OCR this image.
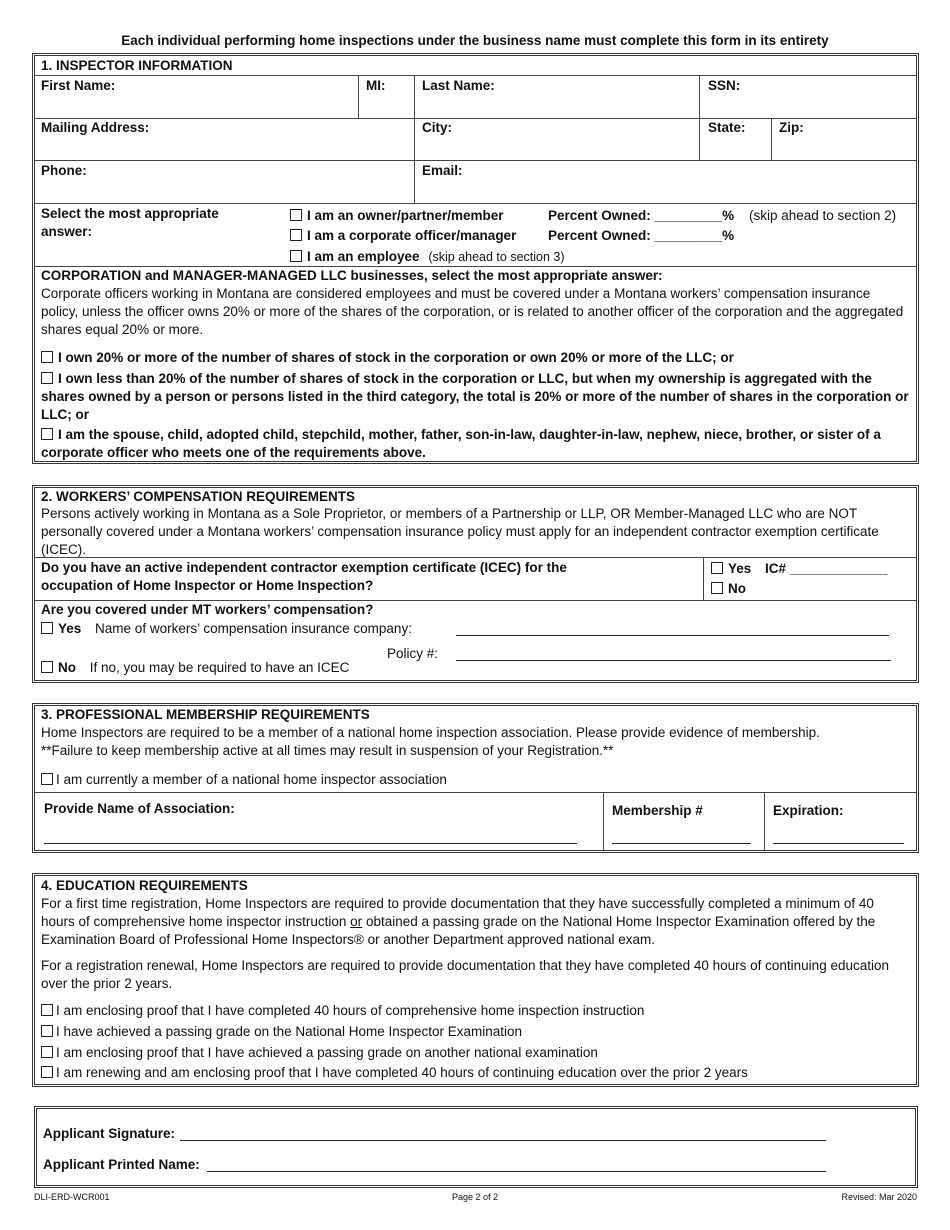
Each individual performing home inspections under the business name must complete this form in its entirety
1. INSPECTOR INFORMATION
First Name:	MI:	Last Name:	SSN:
Mailing Address:	City:	State: Zip:
Phone:	Email:
Select the most appropriate answer:
I am an owner/partner/member	Percent Owned: _________% (skip ahead to section 2)
I am a corporate officer/manager Percent Owned: _________%
I am an employee (skip ahead to section 3)
CORPORATION and MANAGER-MANAGED LLC businesses, select the most appropriate answer:
Corporate officers working in Montana are considered employees and must be covered under a Montana workers’ compensation insurance policy, unless the officer owns 20% or more of the shares of the corporation, or is related to another officer of the corporation and the aggregated shares equal 20% or more.
I own 20% or more of the number of shares of stock in the corporation or own 20% or more of the LLC; or
I own less than 20% of the number of shares of stock in the corporation or LLC, but when my ownership is aggregated with the shares owned by a person or persons listed in the third category, the total is 20% or more of the number of shares in the corporation or LLC; or
I am the spouse, child, adopted child, stepchild, mother, father, son-in-law, daughter-in-law, nephew, niece, brother, or sister of a corporate officer who meets one of the requirements above.
2. WORKERS’ COMPENSATION REQUIREMENTS
Persons actively working in Montana as a Sole Proprietor, or members of a Partnership or LLP, OR Member-Managed LLC who are NOT personally covered under a Montana workers’ compensation insurance policy must apply for an independent contractor exemption certificate (ICEC).
Do you have an active independent contractor exemption certificate (ICEC) for the occupation of Home Inspector or Home Inspection?
Yes IC# _____________
No
Are you covered under MT workers’ compensation?
Yes Name of workers’ compensation insurance company:
Policy #:
No If no, you may be required to have an ICEC
3. PROFESSIONAL MEMBERSHIP REQUIREMENTS
Home Inspectors are required to be a member of a national home inspection association. Please provide evidence of membership.
**Failure to keep membership active at all times may result in suspension of your Registration.**
I am currently a member of a national home inspector association
Provide Name of Association:	Membership #	Expiration:
4. EDUCATION REQUIREMENTS
For a first time registration, Home Inspectors are required to provide documentation that they have successfully completed a minimum of 40 hours of comprehensive home inspector instruction or obtained a passing grade on the National Home Inspector Examination offered by the Examination Board of Professional Home Inspectors® or another Department approved national exam.
For a registration renewal, Home Inspectors are required to provide documentation that they have completed 40 hours of continuing education over the prior 2 years.
I am enclosing proof that I have completed 40 hours of comprehensive home inspection instruction
I have achieved a passing grade on the National Home Inspector Examination
I am enclosing proof that I have achieved a passing grade on another national examination
I am renewing and am enclosing proof that I have completed 40 hours of continuing education over the prior 2 years
Applicant Signature:
Applicant Printed Name:
DLI-ERD-WCR001	Page 2 of 2	Revised: Mar 2020
